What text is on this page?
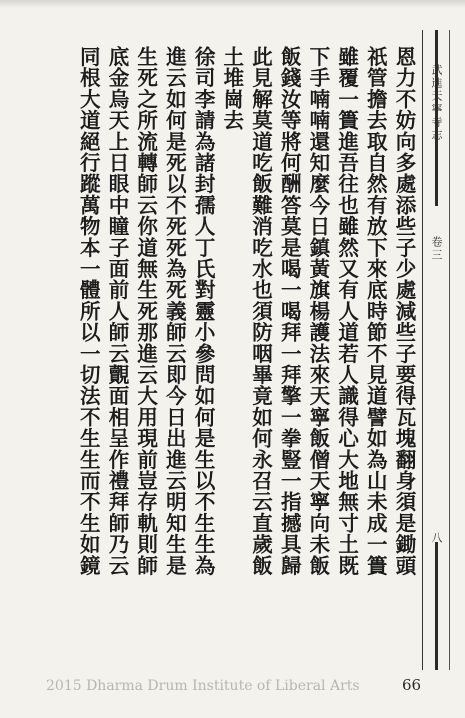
武進天寧寺志
卷三
八
恩力不妨向多處添些子少處減些子要得瓦塊翻身須是鋤頭
祇管擔去取自然有放下來底時節不見道譬如為山未成一簣
雖覆一簣進吾往也雖然又有人道若人識得心大地無寸土既
下手喃喃還知麼今日鎮黃旗楊護法來天寧飯僧天寧向未飯
飯錢汝等將何酬答莫是喝一喝拜一拜擎一拳豎一指撼具歸
此見解莫道吃飯難消吃水也須防咽畢竟如何永召云直歲飯
土堆崗去
徐司李請為諸封孺人丁氏對靈小參問如何是生以不生生為
進云如何是死以不死死為死義師云即今日出進云明知生是
生死之所流轉師云你道無生死那進云大用現前豈存軌則師
底金烏天上日眼中瞳子面前人師云覿面相呈作禮拜師乃云
同根大道絕行蹤萬物本一體所以一切法不生生而不生如鏡
2015 Dharma Drum Institute of Liberal Arts	66
